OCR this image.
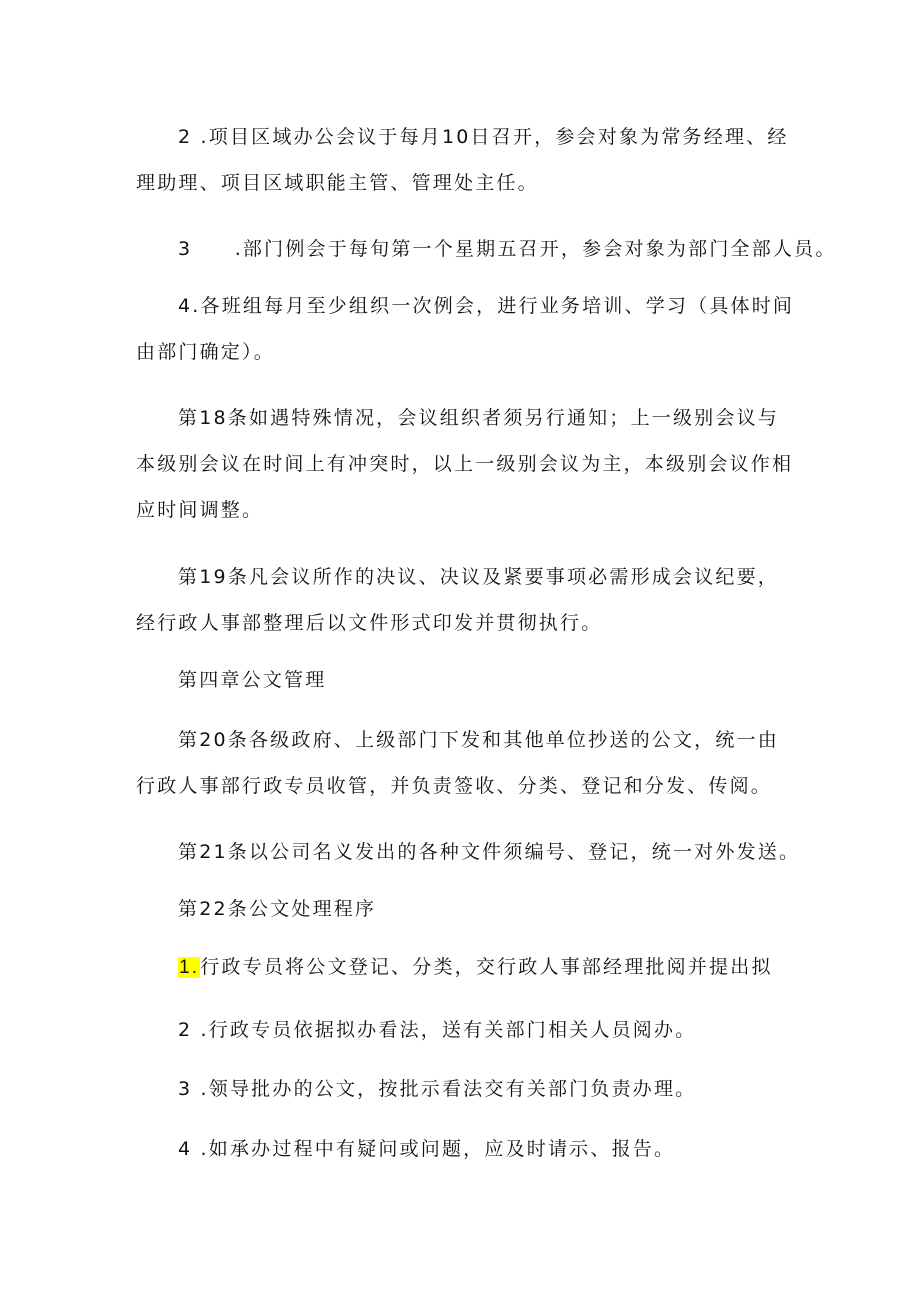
2 .项目区域办公会议于每月10日召开，参会对象为常务经理、经理助理、项目区域职能主管、管理处主任。
3　　.部门例会于每旬第一个星期五召开，参会对象为部门全部人员。
4.各班组每月至少组织一次例会，进行业务培训、学习（具体时间由部门确定）。
第18条如遇特殊情况，会议组织者须另行通知；上一级别会议与本级别会议在时间上有冲突时，以上一级别会议为主，本级别会议作相应时间调整。
第19条凡会议所作的决议、决议及紧要事项必需形成会议纪要，经行政人事部整理后以文件形式印发并贯彻执行。
第四章公文管理
第20条各级政府、上级部门下发和其他单位抄送的公文，统一由行政人事部行政专员收管，并负责签收、分类、登记和分发、传阅。
第21条以公司名义发出的各种文件须编号、登记，统一对外发送。
第22条公文处理程序
1.行政专员将公文登记、分类，交行政人事部经理批阅并提出拟
2 .行政专员依据拟办看法，送有关部门相关人员阅办。
3 .领导批办的公文，按批示看法交有关部门负责办理。
4 .如承办过程中有疑问或问题，应及时请示、报告。
